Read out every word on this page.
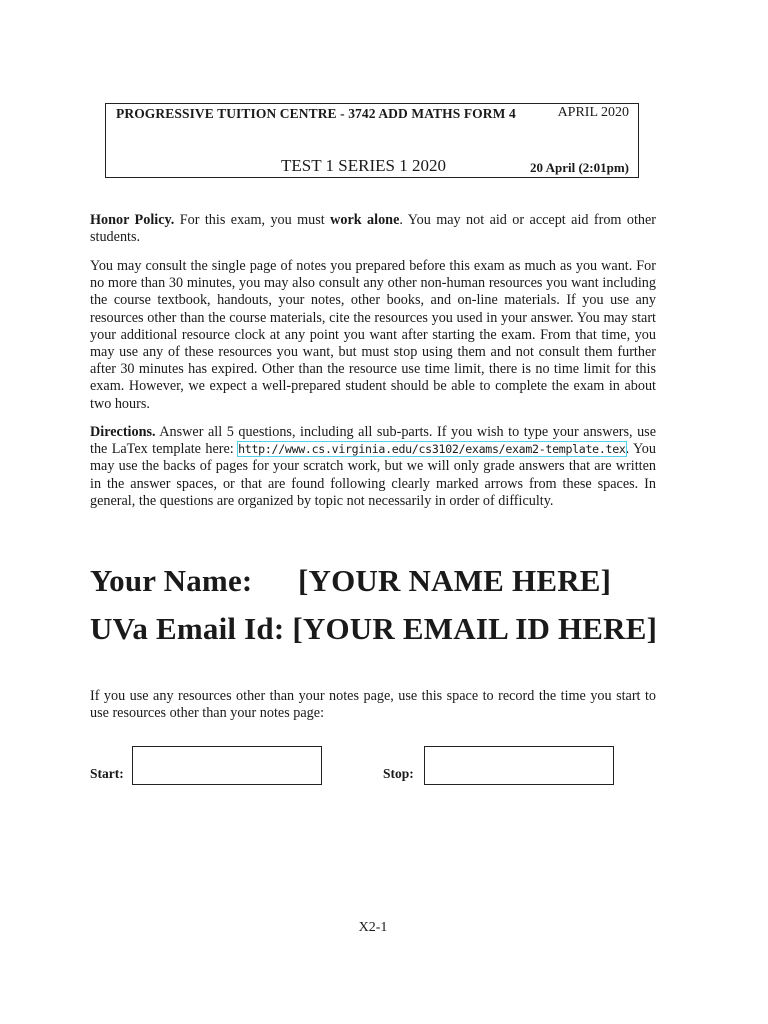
PROGRESSIVE TUITION CENTRE - 3742 ADD MATHS FORM 4	APRIL 2020
TEST 1 SERIES 1 2020	20 April (2:01pm)

Honor Policy. For this exam, you must work alone. You may not aid or accept aid from other students.

You may consult the single page of notes you prepared before this exam as much as you want. For no more than 30 minutes, you may also consult any other non-human resources you want including the course textbook, handouts, your notes, other books, and on-line materials. If you use any resources other than the course materials, cite the resources you used in your answer. You may start your additional resource clock at any point you want after starting the exam. From that time, you may use any of these resources you want, but must stop using them and not consult them further after 30 minutes has expired. Other than the resource use time limit, there is no time limit for this exam. However, we expect a well-prepared student should be able to complete the exam in about two hours.

Directions. Answer all 5 questions, including all sub-parts. If you wish to type your answers, use the LaTex template here: http://www.cs.virginia.edu/cs3102/exams/exam2-template.tex. You may use the backs of pages for your scratch work, but we will only grade answers that are written in the answer spaces, or that are found following clearly marked arrows from these spaces. In general, the questions are organized by topic not necessarily in order of difficulty.

Your Name: [YOUR NAME HERE]
UVa Email Id: [YOUR EMAIL ID HERE]

If you use any resources other than your notes page, use this space to record the time you start to use resources other than your notes page:

Start:	Stop:
X2-1
